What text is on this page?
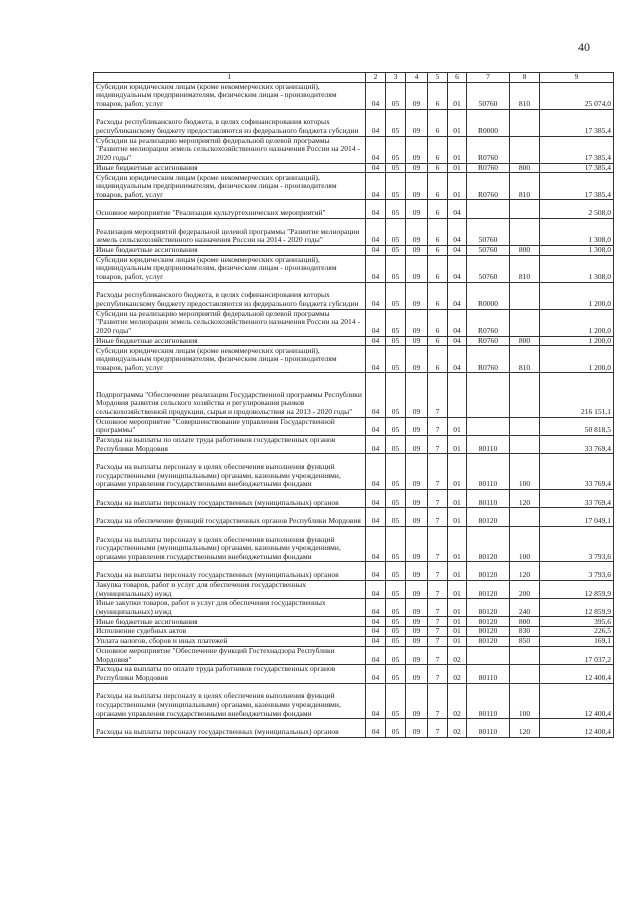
40
1	2	3	4	5	6	7	8	9
Субсидии юридическим лицам (кроме некоммерческих организаций), индивидуальным предпринимателям, физическим лицам - производителям товаров, работ, услуг	04	05	09	6	01	50760	810	25 074,0
Расходы республиканского бюджета, в целях софинансирования которых республиканскому бюджету предоставляются из федерального бюджета субсидии	04	05	09	6	01	R0000		17 385,4
Субсидии на реализацию мероприятий федеральной целевой программы "Развитие мелиорации земель сельскохозяйственного назначения России на 2014 - 2020 годы"	04	05	09	6	01	R0760		17 385,4
Иные бюджетные ассигнования	04	05	09	6	01	R0760	800	17 385,4
Субсидии юридическим лицам (кроме некоммерческих организаций), индивидуальным предпринимателям, физическим лицам - производителям товаров, работ, услуг	04	05	09	6	01	R0760	810	17 385,4
Основное мероприятие "Реализация культуртехнических мероприятий"	04	05	09	6	04			2 508,0
Реализация мероприятий федеральной целевой программы "Развитие мелиорации земель сельскохозяйственного назначения России на 2014 - 2020 годы"	04	05	09	6	04	50760		1 308,0
Иные бюджетные ассигнования	04	05	09	6	04	50760	800	1 308,0
Субсидии юридическим лицам (кроме некоммерческих организаций), индивидуальным предпринимателям, физическим лицам - производителям товаров, работ, услуг	04	05	09	6	04	50760	810	1 308,0
Расходы республиканского бюджета, в целях софинансирования которых республиканскому бюджету предоставляются из федерального бюджета субсидии	04	05	09	6	04	R0000		1 200,0
Субсидии на реализацию мероприятий федеральной целевой программы "Развитие мелиорации земель сельскохозяйственного назначения России на 2014 - 2020 годы"	04	05	09	6	04	R0760		1 200,0
Иные бюджетные ассигнования	04	05	09	6	04	R0760	800	1 200,0
Субсидии юридическим лицам (кроме некоммерческих организаций), индивидуальным предпринимателям, физическим лицам - производителям товаров, работ, услуг	04	05	09	6	04	R0760	810	1 200,0
Подпрограмма "Обеспечение реализации Государственной программы Республики Мордовия развития сельского хозяйства и регулирования рынков сельскохозяйственной продукции, сырья и продовольствия на 2013 - 2020 годы"	04	05	09	7				216 151,1
Основное мероприятие "Совершенствование управления Государственной программы"	04	05	09	7	01			50 818,5
Расходы на выплаты по оплате труда работников государственных органов Республики Мордовия	04	05	09	7	01	80110		33 769,4
Расходы на выплаты персоналу в целях обеспечения выполнения функций государственными (муниципальными) органами, казенными учреждениями, органами управления государственными внебюджетными фондами	04	05	09	7	01	80110	100	33 769,4
Расходы на выплаты персоналу государственных (муниципальных) органов	04	05	09	7	01	80110	120	33 769,4
Расходы на обеспечение функций государственных органов Республики Мордовия	04	05	09	7	01	80120		17 049,1
Расходы на выплаты персоналу в целях обеспечения выполнения функций государственными (муниципальными) органами, казенными учреждениями, органами управления государственными внебюджетными фондами	04	05	09	7	01	80120	100	3 793,6
Расходы на выплаты персоналу государственных (муниципальных) органов	04	05	09	7	01	80120	120	3 793,6
Закупка товаров, работ и услуг для обеспечения государственных (муниципальных) нужд	04	05	09	7	01	80120	200	12 859,9
Иные закупки товаров, работ и услуг для обеспечения государственных (муниципальных) нужд	04	05	09	7	01	80120	240	12 859,9
Иные бюджетные ассигнования	04	05	09	7	01	80120	800	395,6
Исполнение судебных актов	04	05	09	7	01	80120	830	226,5
Уплата налогов, сборов и иных платежей	04	05	09	7	01	80120	850	169,1
Основное мероприятие "Обеспечение функций Гостехнадзора Республики Мордовия"	04	05	09	7	02			17 037,2
Расходы на выплаты по оплате труда работников государственных органов Республики Мордовия	04	05	09	7	02	80110		12 400,4
Расходы на выплаты персоналу в целях обеспечения выполнения функций государственными (муниципальными) органами, казенными учреждениями, органами управления государственными внебюджетными фондами	04	05	09	7	02	80110	100	12 400,4
Расходы на выплаты персоналу государственных (муниципальных) органов	04	05	09	7	02	80110	120	12 400,4
